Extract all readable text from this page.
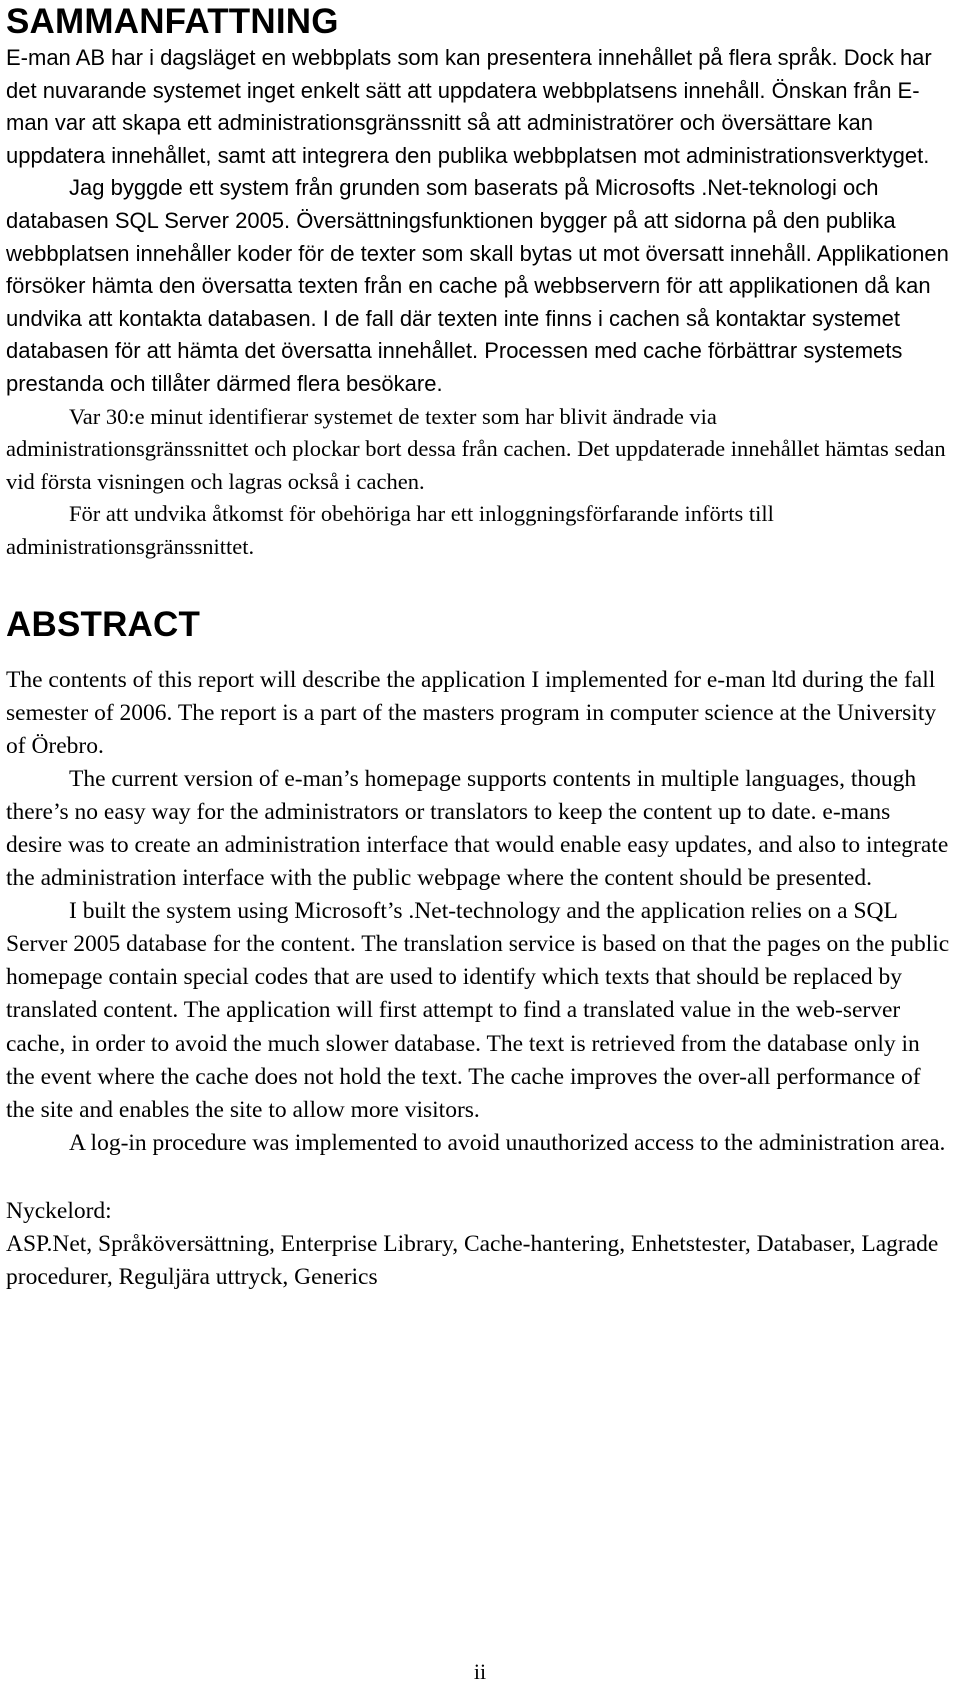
SAMMANFATTNING

E-man AB har i dagsläget en webbplats som kan presentera innehållet på flera språk. Dock har det nuvarande systemet inget enkelt sätt att uppdatera webbplatsens innehåll. Önskan från E-man var att skapa ett administrationsgränssnitt så att administratörer och översättare kan uppdatera innehållet, samt att integrera den publika webbplatsen mot administrationsverktyget.

Jag byggde ett system från grunden som baserats på Microsofts .Net-teknologi och databasen SQL Server 2005. Översättningsfunktionen bygger på att sidorna på den publika webbplatsen innehåller koder för de texter som skall bytas ut mot översatt innehåll. Applikationen försöker hämta den översatta texten från en cache på webbservern för att applikationen då kan undvika att kontakta databasen. I de fall där texten inte finns i cachen så kontaktar systemet databasen för att hämta det översatta innehållet. Processen med cache förbättrar systemets prestanda och tillåter därmed flera besökare.

Var 30:e minut identifierar systemet de texter som har blivit ändrade via administrationsgränssnittet och plockar bort dessa från cachen. Det uppdaterade innehållet hämtas sedan vid första visningen och lagras också i cachen.

För att undvika åtkomst för obehöriga har ett inloggningsförfarande införts till administrationsgränssnittet.

ABSTRACT

The contents of this report will describe the application I implemented for e-man ltd during the fall semester of 2006. The report is a part of the masters program in computer science at the University of Örebro.

The current version of e-man’s homepage supports contents in multiple languages, though there’s no easy way for the administrators or translators to keep the content up to date. e-mans desire was to create an administration interface that would enable easy updates, and also to integrate the administration interface with the public webpage where the content should be presented.

I built the system using Microsoft’s .Net-technology and the application relies on a SQL Server 2005 database for the content. The translation service is based on that the pages on the public homepage contain special codes that are used to identify which texts that should be replaced by translated content. The application will first attempt to find a translated value in the web-server cache, in order to avoid the much slower database. The text is retrieved from the database only in the event where the cache does not hold the text. The cache improves the over-all performance of the site and enables the site to allow more visitors.

A log-in procedure was implemented to avoid unauthorized access to the administration area.

Nyckelord:

ASP.Net, Språköversättning, Enterprise Library, Cache-hantering, Enhetstester, Databaser, Lagrade procedurer, Reguljära uttryck, Generics

ii
